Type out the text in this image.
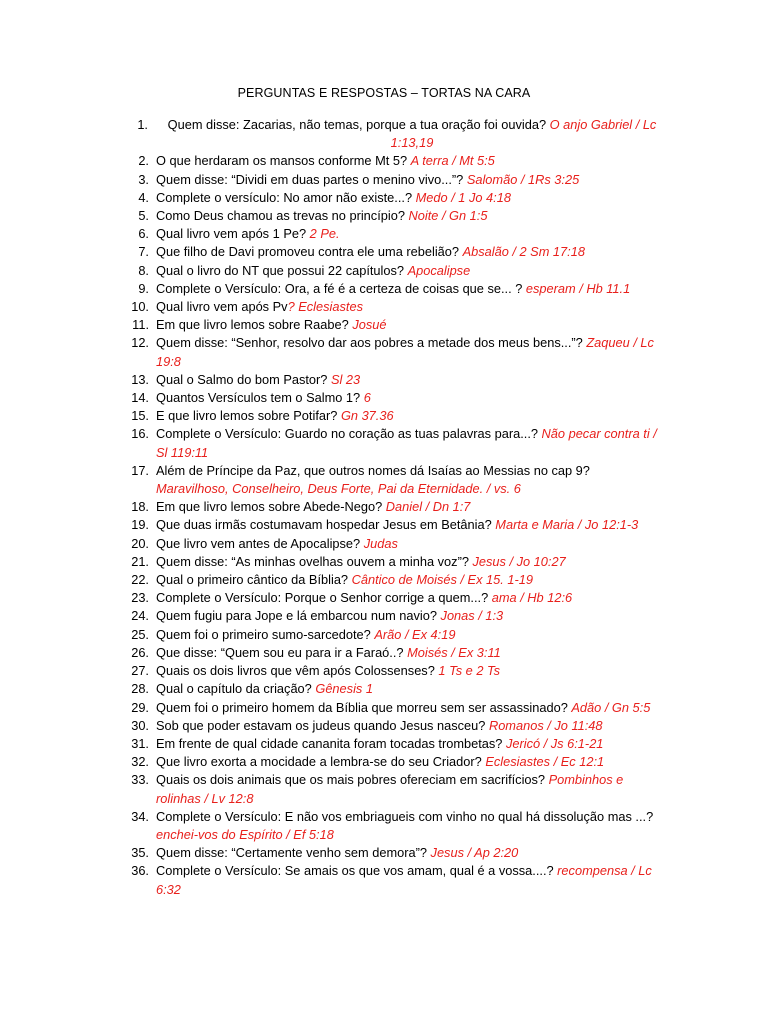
PERGUNTAS E RESPOSTAS – TORTAS NA CARA
1. Quem disse: Zacarias, não temas, porque a tua oração foi ouvida? O anjo Gabriel / Lc 1:13,19
2. O que herdaram os mansos conforme Mt 5? A terra / Mt 5:5
3. Quem disse: “Dividi em duas partes o menino vivo...”? Salomão / 1Rs 3:25
4. Complete o versículo: No amor não existe...? Medo / 1 Jo 4:18
5. Como Deus chamou as trevas no princípio? Noite / Gn 1:5
6. Qual livro vem após 1 Pe? 2 Pe.
7. Que filho de Davi promoveu contra ele uma rebelião? Absalão / 2 Sm 17:18
8. Qual o livro do NT que possui 22 capítulos? Apocalipse
9. Complete o Versículo: Ora, a fé é a certeza de coisas que se... ? esperam / Hb 11.1
10. Qual livro vem após Pv? Eclesiastes
11. Em que livro lemos sobre Raabe? Josué
12. Quem disse: “Senhor, resolvo dar aos pobres a metade dos meus bens...”? Zaqueu / Lc 19:8
13. Qual o Salmo do bom Pastor? Sl 23
14. Quantos Versículos tem o Salmo 1? 6
15. E que livro lemos sobre Potifar? Gn 37.36
16. Complete o Versículo: Guardo no coração as tuas palavras para...? Não pecar contra ti / Sl 119:11
17. Além de Príncipe da Paz, que outros nomes dá Isaías ao Messias no cap 9? Maravilhoso, Conselheiro, Deus Forte, Pai da Eternidade. / vs. 6
18. Em que livro lemos sobre Abede-Nego? Daniel / Dn 1:7
19. Que duas irmãs costumavam hospedar Jesus em Betânia? Marta e Maria / Jo 12:1-3
20. Que livro vem antes de Apocalipse? Judas
21. Quem disse: “As minhas ovelhas ouvem a minha voz”? Jesus / Jo 10:27
22. Qual o primeiro cântico da Bíblia? Cântico de Moisés / Ex 15. 1-19
23. Complete o Versículo: Porque o Senhor corrige a quem...? ama / Hb 12:6
24. Quem fugiu para Jope e lá embarcou num navio? Jonas / 1:3
25. Quem foi o primeiro sumo-sarcedote? Arão / Ex 4:19
26. Que disse: “Quem sou eu para ir a Faraó..? Moisés / Ex 3:11
27. Quais os dois livros que vêm após Colossenses? 1 Ts e 2 Ts
28. Qual o capítulo da criação? Gênesis 1
29. Quem foi o primeiro homem da Bíblia que morreu sem ser assassinado? Adão / Gn 5:5
30. Sob que poder estavam os judeus quando Jesus nasceu? Romanos / Jo 11:48
31. Em frente de qual cidade cananita foram tocadas trombetas? Jericó / Js 6:1-21
32. Que livro exorta a mocidade a lembra-se do seu Criador? Eclesiastes / Ec 12:1
33. Quais os dois animais que os mais pobres ofereciam em sacrifícios? Pombinhos e rolinhas / Lv 12:8
34. Complete o Versículo: E não vos embriagueis com vinho no qual há dissolução mas ...? enchei-vos do Espírito / Ef 5:18
35. Quem disse: “Certamente venho sem demora”? Jesus / Ap 2:20
36. Complete o Versículo: Se amais os que vos amam, qual é a vossa....? recompensa / Lc 6:32
